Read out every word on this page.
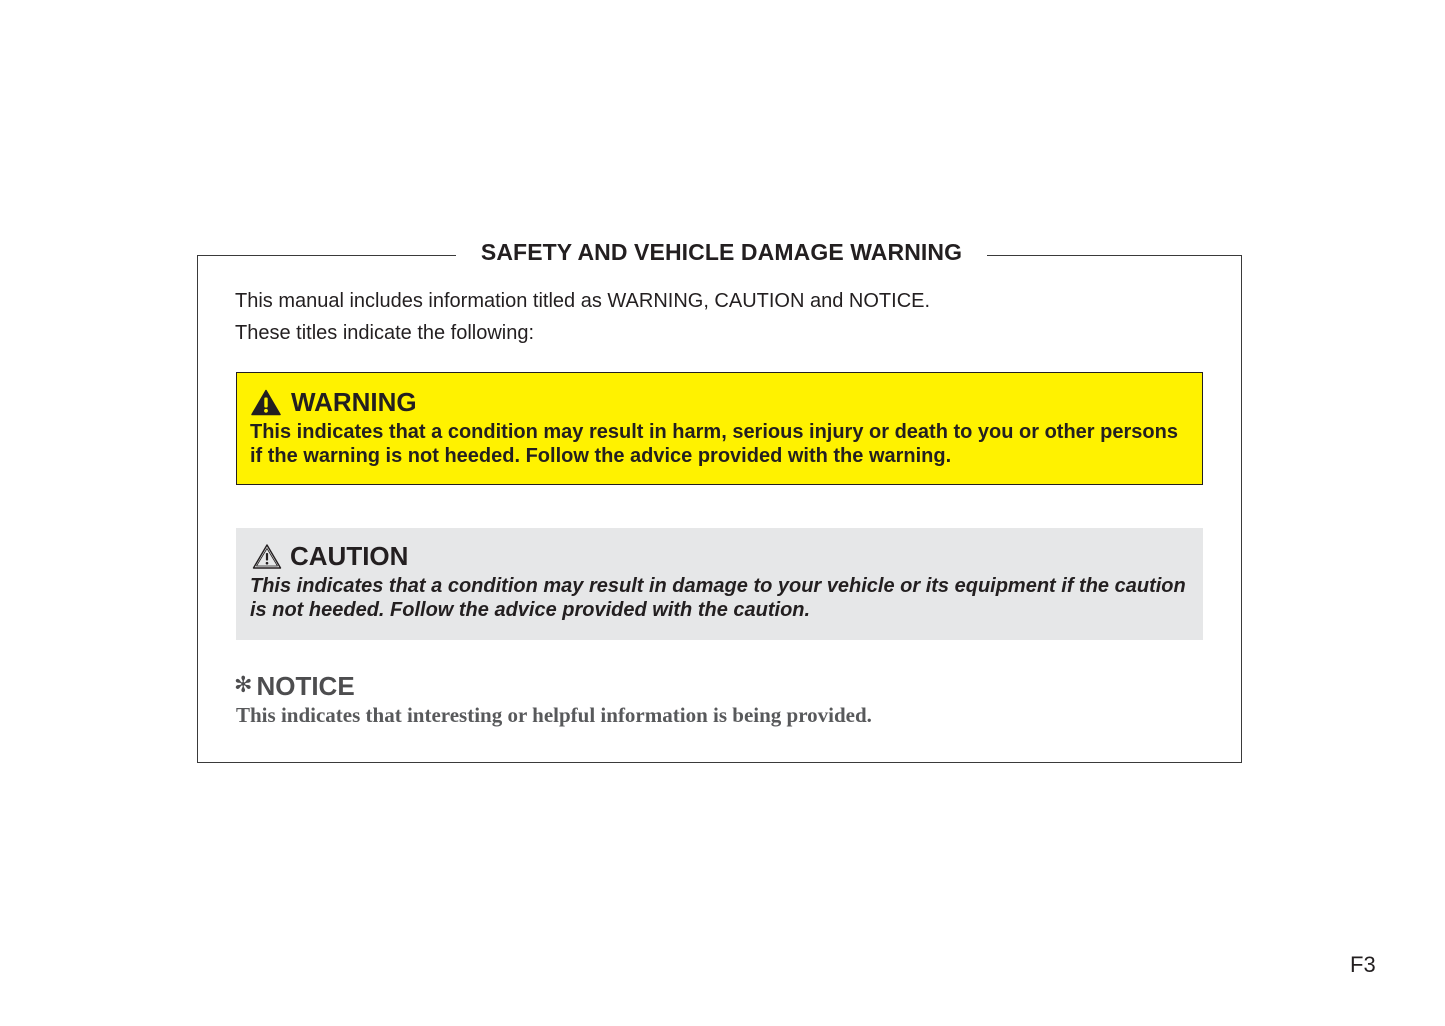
SAFETY AND VEHICLE DAMAGE WARNING
This manual includes information titled as WARNING, CAUTION and NOTICE.
These titles indicate the following:
WARNING
This indicates that a condition may result in harm, serious injury or death to you or other persons if the warning is not heeded. Follow the advice provided with the warning.
CAUTION
This indicates that a condition may result in damage to your vehicle or its equipment if the caution is not heeded. Follow the advice provided with the caution.
✻ NOTICE
This indicates that interesting or helpful information is being provided.
F3
